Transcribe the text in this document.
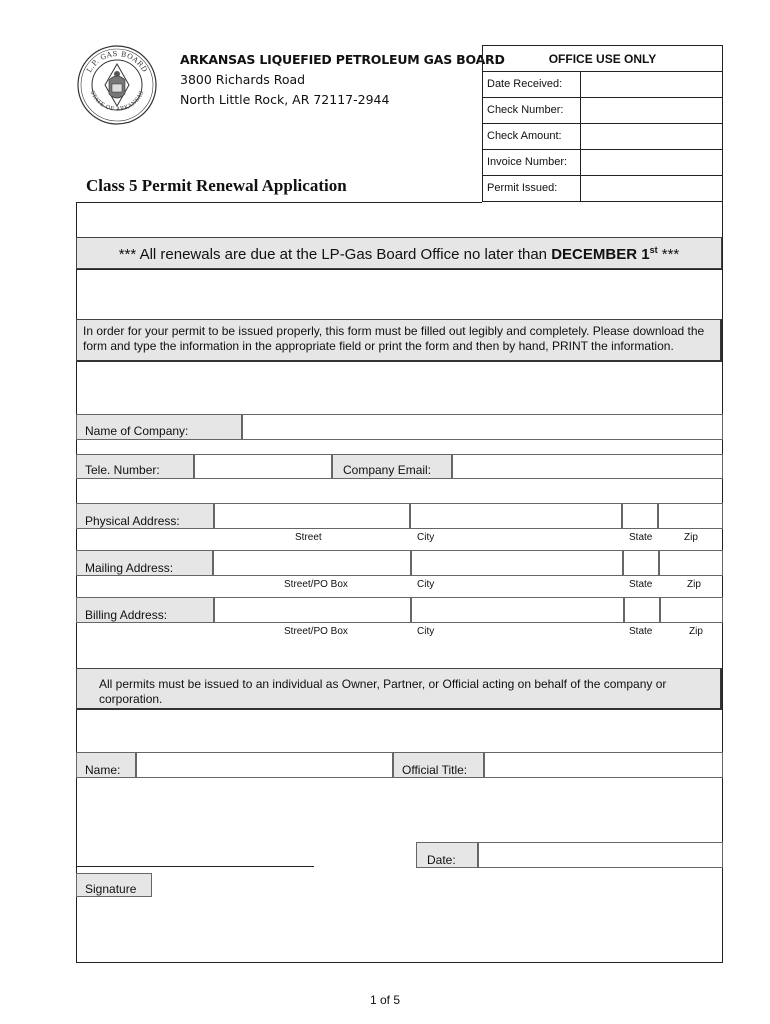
L.P. GAS BOARD
STATE OF ARKANSAS
ARKANSAS LIQUEFIED PETROLEUM GAS BOARD
3800 Richards Road
North Little Rock, AR 72117-2944
Class 5 Permit Renewal Application
OFFICE USE ONLY
Date Received:
Check Number:
Check Amount:
Invoice Number:
Permit Issued:
*** All renewals are due at the LP-Gas Board Office no later than DECEMBER 1st ***
In order for your permit to be issued properly, this form must be filled out legibly and completely. Please download the form and type the information in the appropriate field or print the form and then by hand, PRINT the information.
Name of Company:
Tele. Number:	Company Email:
Physical Address:
Street	City	State	Zip
Mailing Address:
Street/PO Box	City	State	Zip
Billing Address:
Street/PO Box	City	State	Zip
All permits must be issued to an individual as Owner, Partner, or Official acting on behalf of the company or corporation.
Name:	Official Title:
Date:
Signature
1 of 5
